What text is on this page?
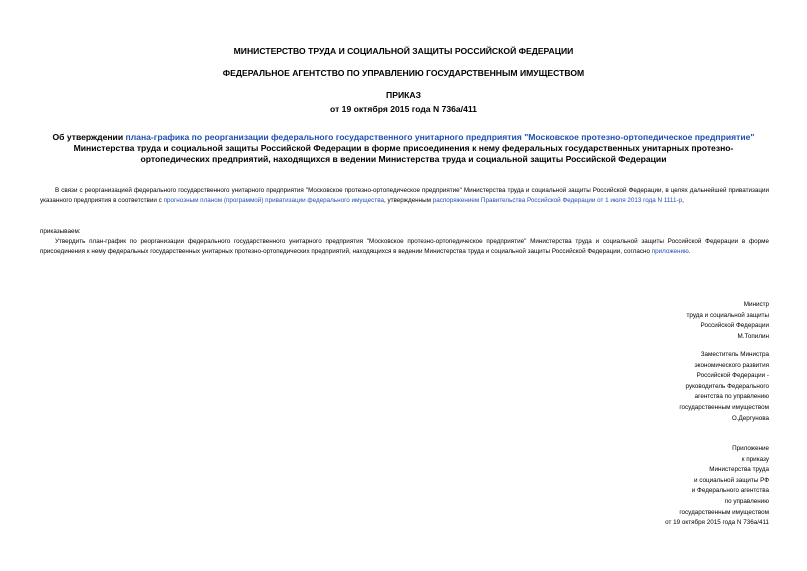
МИНИСТЕРСТВО ТРУДА И СОЦИАЛЬНОЙ ЗАЩИТЫ РОССИЙСКОЙ ФЕДЕРАЦИИ
ФЕДЕРАЛЬНОЕ АГЕНТСТВО ПО УПРАВЛЕНИЮ ГОСУДАРСТВЕННЫМ ИМУЩЕСТВОМ
ПРИКАЗ
от 19 октября 2015 года N 736а/411
Об утверждении плана-графика по реорганизации федерального государственного унитарного предприятия "Московское протезно-ортопедическое предприятие" Министерства труда и социальной защиты Российской Федерации в форме присоединения к нему федеральных государственных унитарных протезно-ортопедических предприятий, находящихся в ведении Министерства труда и социальной защиты Российской Федерации
В связи с реорганизацией федерального государственного унитарного предприятия "Московское протезно-ортопедическое предприятие" Министерства труда и социальной защиты Российской Федерации, в целях дальнейшей приватизации указанного предприятия в соответствии с прогнозным планом (программой) приватизации федерального имущества, утвержденным распоряжением Правительства Российской Федерации от 1 июля 2013 года N 1111-р,
приказываем:
Утвердить план-график по реорганизации федерального государственного унитарного предприятия "Московское протезно-ортопедическое предприятие" Министерства труда и социальной защиты Российской Федерации в форме присоединения к нему федеральных государственных унитарных протезно-ортопедических предприятий, находящихся в ведении Министерства труда и социальной защиты Российской Федерации, согласно приложению.
Министр
труда и социальной защиты
Российской Федерации
М.Топилин
Заместитель Министра
экономического развития
Российской Федерации -
руководитель Федерального
агентства по управлению
государственным имуществом
О.Дергунова
Приложение
к приказу
Министерства труда
и социальной защиты РФ
и Федерального агентства
по управлению
государственным имуществом
от 19 октября 2015 года N 736а/411
